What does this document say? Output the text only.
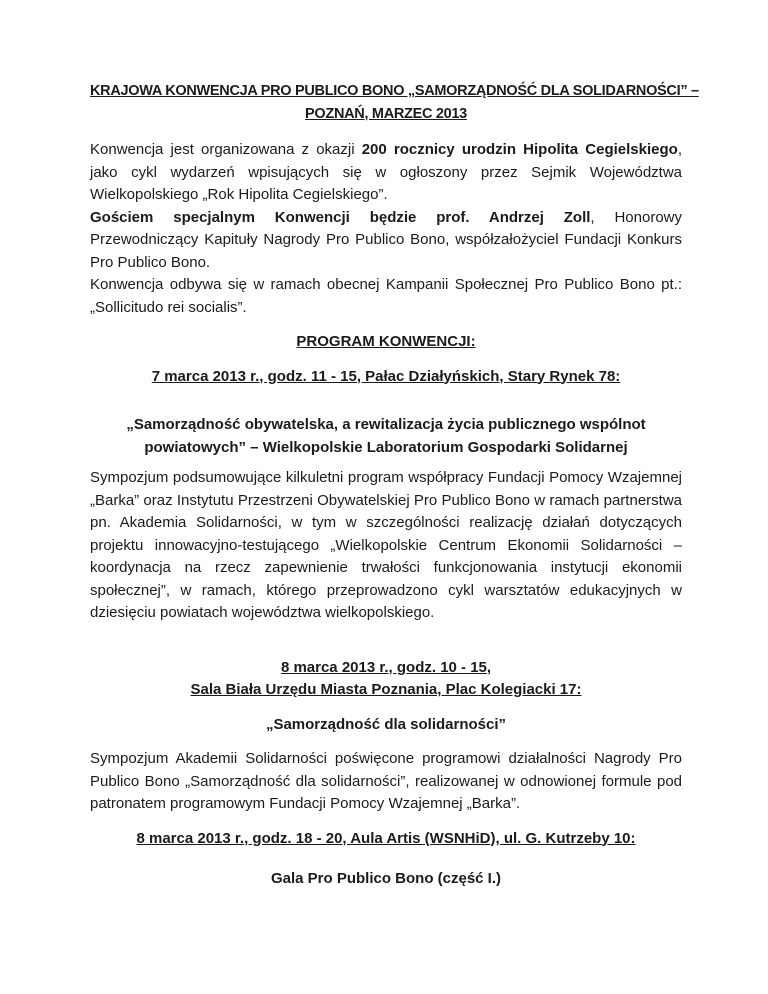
KRAJOWA KONWENCJA PRO PUBLICO BONO „SAMORZĄDNOŚĆ DLA SOLIDARNOŚCI” –
POZNAŃ, MARZEC 2013

Konwencja jest organizowana z okazji 200 rocznicy urodzin Hipolita Cegielskiego, jako cykl wydarzeń wpisujących się w ogłoszony przez Sejmik Województwa Wielkopolskiego „Rok Hipolita Cegielskiego”.

Gościem specjalnym Konwencji będzie prof. Andrzej Zoll, Honorowy Przewodniczący Kapituły Nagrody Pro Publico Bono, współzałożyciel Fundacji Konkurs Pro Publico Bono.

Konwencja odbywa się w ramach obecnej Kampanii Społecznej Pro Publico Bono pt.: „Sollicitudo rei socialis”.

PROGRAM KONWENCJI:
7 marca 2013 r., godz. 11 - 15, Pałac Działyńskich, Stary Rynek 78:
„Samorządność obywatelska, a rewitalizacja życia publicznego wspólnot
powiatowych” – Wielkopolskie Laboratorium Gospodarki Solidarnej

Sympozjum podsumowujące kilkuletni program współpracy Fundacji Pomocy Wzajemnej „Barka” oraz Instytutu Przestrzeni Obywatelskiej Pro Publico Bono w ramach partnerstwa pn. Akademia Solidarności, w tym w szczególności realizację działań dotyczących projektu innowacyjno-testującego „Wielkopolskie Centrum Ekonomii Solidarności – koordynacja na rzecz zapewnienie trwałości funkcjonowania instytucji ekonomii społecznej”, w ramach, którego przeprowadzono cykl warsztatów edukacyjnych w dziesięciu powiatach województwa wielkopolskiego.

8 marca 2013 r., godz. 10 - 15,
Sala Biała Urzędu Miasta Poznania, Plac Kolegiacki 17:
„Samorządność dla solidarności”

Sympozjum Akademii Solidarności poświęcone programowi działalności Nagrody Pro Publico Bono „Samorządność dla solidarności”, realizowanej w odnowionej formule pod patronatem programowym Fundacji Pomocy Wzajemnej „Barka”.

8 marca 2013 r., godz. 18 - 20, Aula Artis (WSNHiD), ul. G. Kutrzeby 10:
Gala Pro Publico Bono (część I.)
